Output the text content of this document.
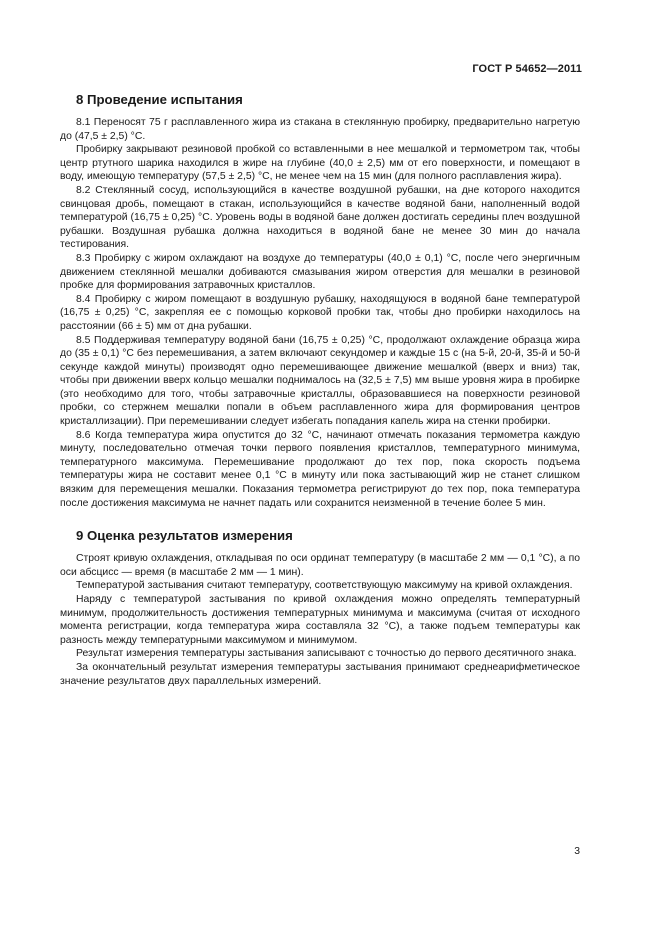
ГОСТ Р 54652—2011
8 Проведение испытания

8.1 Переносят 75 г расплавленного жира из стакана в стеклянную пробирку, предварительно нагретую до (47,5 ± 2,5) °С.

Пробирку закрывают резиновой пробкой со вставленными в нее мешалкой и термометром так, чтобы центр ртутного шарика находился в жире на глубине (40,0 ± 2,5) мм от его поверхности, и помещают в воду, имеющую температуру (57,5 ± 2,5) °С, не менее чем на 15 мин (для полного расплавления жира).

8.2 Стеклянный сосуд, использующийся в качестве воздушной рубашки, на дне которого находится свинцовая дробь, помещают в стакан, использующийся в качестве водяной бани, наполненный водой температурой (16,75 ± 0,25) °С. Уровень воды в водяной бане должен достигать середины плеч воздушной рубашки. Воздушная рубашка должна находиться в водяной бане не менее 30 мин до начала тестирования.

8.3 Пробирку с жиром охлаждают на воздухе до температуры (40,0 ± 0,1) °С, после чего энергичным движением стеклянной мешалки добиваются смазывания жиром отверстия для мешалки в резиновой пробке для формирования затравочных кристаллов.

8.4 Пробирку с жиром помещают в воздушную рубашку, находящуюся в водяной бане температурой (16,75 ± 0,25) °С, закрепляя ее с помощью корковой пробки так, чтобы дно пробирки находилось на расстоянии (66 ± 5) мм от дна рубашки.

8.5 Поддерживая температуру водяной бани (16,75 ± 0,25) °С, продолжают охлаждение образца жира до (35 ± 0,1) °С без перемешивания, а затем включают секундомер и каждые 15 с (на 5-й, 20-й, 35-й и 50-й секунде каждой минуты) производят одно перемешивающее движение мешалкой (вверх и вниз) так, чтобы при движении вверх кольцо мешалки поднималось на (32,5 ± 7,5) мм выше уровня жира в пробирке (это необходимо для того, чтобы затравочные кристаллы, образовавшиеся на поверхности резиновой пробки, со стержнем мешалки попали в объем расплавленного жира для формирования центров кристаллизации). При перемешивании следует избегать попадания капель жира на стенки пробирки.

8.6 Когда температура жира опустится до 32 °С, начинают отмечать показания термометра каждую минуту, последовательно отмечая точки первого появления кристаллов, температурного минимума, температурного максимума. Перемешивание продолжают до тех пор, пока скорость подъема температуры жира не составит менее 0,1 °С в минуту или пока застывающий жир не станет слишком вязким для перемещения мешалки. Показания термометра регистрируют до тех пор, пока температура после достижения максимума не начнет падать или сохранится неизменной в течение более 5 мин.

9 Оценка результатов измерения

Строят кривую охлаждения, откладывая по оси ординат температуру (в масштабе 2 мм — 0,1 °С), а по оси абсцисс — время (в масштабе 2 мм — 1 мин).

Температурой застывания считают температуру, соответствующую максимуму на кривой охлаждения.

Наряду с температурой застывания по кривой охлаждения можно определять температурный минимум, продолжительность достижения температурных минимума и максимума (считая от исходного момента регистрации, когда температура жира составляла 32 °С), а также подъем температуры как разность между температурными максимумом и минимумом.

Результат измерения температуры застывания записывают с точностью до первого десятичного знака.

За окончательный результат измерения температуры застывания принимают среднеарифметическое значение результатов двух параллельных измерений.

3
